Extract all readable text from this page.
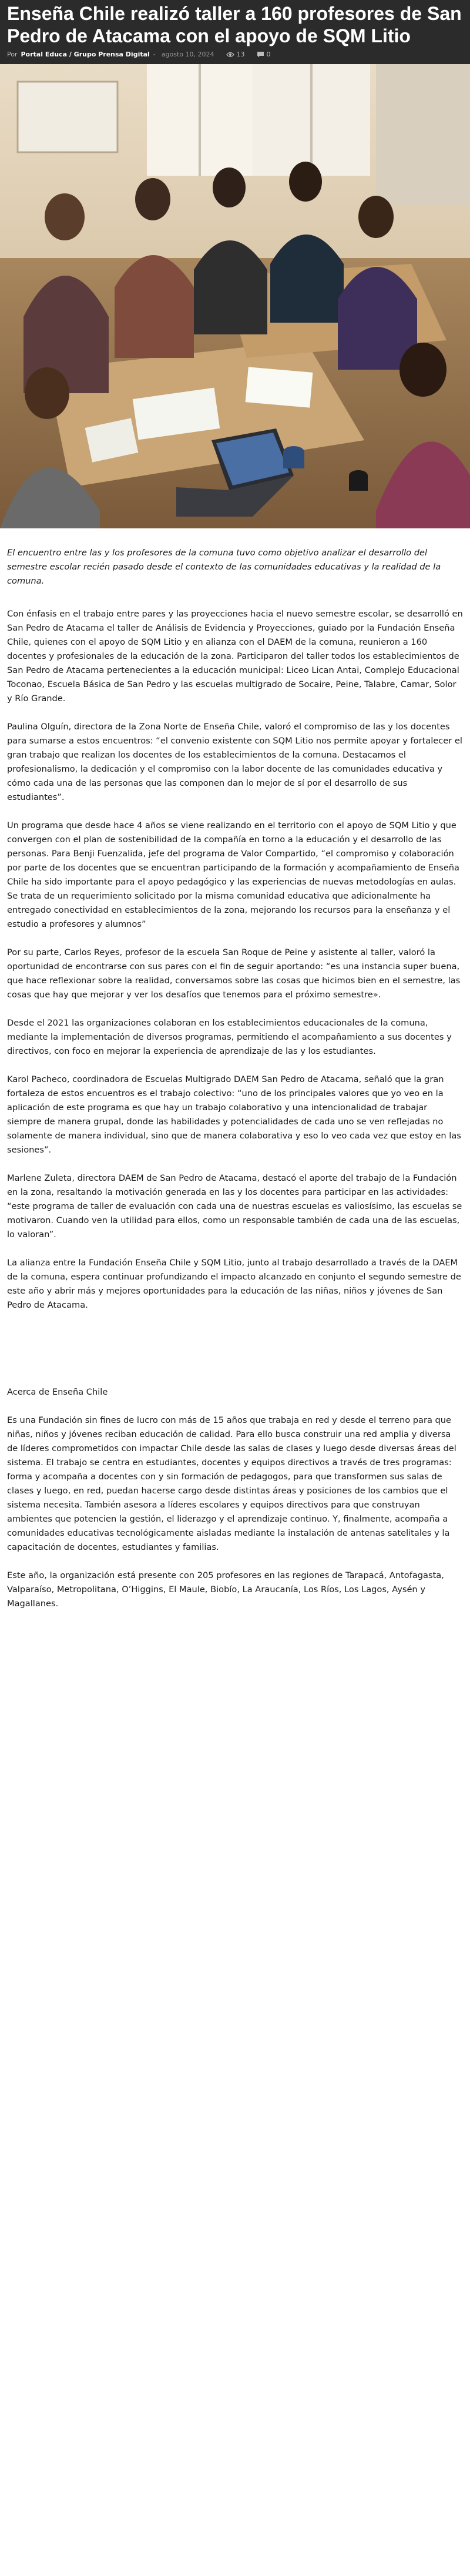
Enseña Chile realizó taller a 160 profesores de San Pedro de Atacama con el apoyo de SQM Litio
Por Portal Educa / Grupo Prensa Digital - agosto 10, 2024	13	0

El encuentro entre las y los profesores de la comuna tuvo como objetivo analizar el desarrollo del semestre escolar recién pasado desde el contexto de las comunidades educativas y la realidad de la comuna.

Con énfasis en el trabajo entre pares y las proyecciones hacia el nuevo semestre escolar, se desarrolló en San Pedro de Atacama el taller de Análisis de Evidencia y Proyecciones, guiado por la Fundación Enseña Chile, quienes con el apoyo de SQM Litio y en alianza con el DAEM de la comuna, reunieron a 160 docentes y profesionales de la educación de la zona. Participaron del taller todos los establecimientos de San Pedro de Atacama pertenecientes a la educación municipal: Liceo Lican Antai, Complejo Educacional Toconao, Escuela Básica de San Pedro y las escuelas multigrado de Socaire, Peine, Talabre, Camar, Solor y Río Grande.

Paulina Olguín, directora de la Zona Norte de Enseña Chile, valoró el compromiso de las y los docentes para sumarse a estos encuentros: “el convenio existente con SQM Litio nos permite apoyar y fortalecer el gran trabajo que realizan los docentes de los establecimientos de la comuna. Destacamos el profesionalismo, la dedicación y el compromiso con la labor docente de las comunidades educativa y cómo cada una de las personas que las componen dan lo mejor de sí por el desarrollo de sus estudiantes”.

Un programa que desde hace 4 años se viene realizando en el territorio con el apoyo de SQM Litio y que convergen con el plan de sostenibilidad de la compañía en torno a la educación y el desarrollo de las personas. Para Benji Fuenzalida, jefe del programa de Valor Compartido, “el compromiso y colaboración por parte de los docentes que se encuentran participando de la formación y acompañamiento de Enseña Chile ha sido importante para el apoyo pedagógico y las experiencias de nuevas metodologías en aulas. Se trata de un requerimiento solicitado por la misma comunidad educativa que adicionalmente ha entregado conectividad en establecimientos de la zona, mejorando los recursos para la enseñanza y el estudio a profesores y alumnos”

Por su parte, Carlos Reyes, profesor de la escuela San Roque de Peine y asistente al taller, valoró la oportunidad de encontrarse con sus pares con el fin de seguir aportando: “es una instancia super buena, que hace reflexionar sobre la realidad, conversamos sobre las cosas que hicimos bien en el semestre, las cosas que hay que mejorar y ver los desafíos que tenemos para el próximo semestre».

Desde el 2021 las organizaciones colaboran en los establecimientos educacionales de la comuna, mediante la implementación de diversos programas, permitiendo el acompañamiento a sus docentes y directivos, con foco en mejorar la experiencia de aprendizaje de las y los estudiantes.

Karol Pacheco, coordinadora de Escuelas Multigrado DAEM San Pedro de Atacama, señaló que la gran fortaleza de estos encuentros es el trabajo colectivo: “uno de los principales valores que yo veo en la aplicación de este programa es que hay un trabajo colaborativo y una intencionalidad de trabajar siempre de manera grupal, donde las habilidades y potencialidades de cada uno se ven reflejadas no solamente de manera individual, sino que de manera colaborativa y eso lo veo cada vez que estoy en las sesiones”.

Marlene Zuleta, directora DAEM de San Pedro de Atacama, destacó el aporte del trabajo de la Fundación en la zona, resaltando la motivación generada en las y los docentes para participar en las actividades: “este programa de taller de evaluación con cada una de nuestras escuelas es valiosísimo, las escuelas se motivaron. Cuando ven la utilidad para ellos, como un responsable también de cada una de las escuelas, lo valoran”.

La alianza entre la Fundación Enseña Chile y SQM Litio, junto al trabajo desarrollado a través de la DAEM de la comuna, espera continuar profundizando el impacto alcanzado en conjunto el segundo semestre de este año y abrir más y mejores oportunidades para la educación de las niñas, niños y jóvenes de San Pedro de Atacama.

Acerca de Enseña Chile

Es una Fundación sin fines de lucro con más de 15 años que trabaja en red y desde el terreno para que niñas, niños y jóvenes reciban educación de calidad. Para ello busca construir una red amplia y diversa de líderes comprometidos con impactar Chile desde las salas de clases y luego desde diversas áreas del sistema. El trabajo se centra en estudiantes, docentes y equipos directivos a través de tres programas: forma y acompaña a docentes con y sin formación de pedagogos, para que transformen sus salas de clases y luego, en red, puedan hacerse cargo desde distintas áreas y posiciones de los cambios que el sistema necesita. También asesora a líderes escolares y equipos directivos para que construyan ambientes que potencien la gestión, el liderazgo y el aprendizaje continuo. Y, finalmente, acompaña a comunidades educativas tecnológicamente aisladas mediante la instalación de antenas satelitales y la capacitación de docentes, estudiantes y familias.

Este año, la organización está presente con 205 profesores en las regiones de Tarapacá, Antofagasta, Valparaíso, Metropolitana, O’Higgins, El Maule, Biobío, La Araucanía, Los Ríos, Los Lagos, Aysén y Magallanes.
